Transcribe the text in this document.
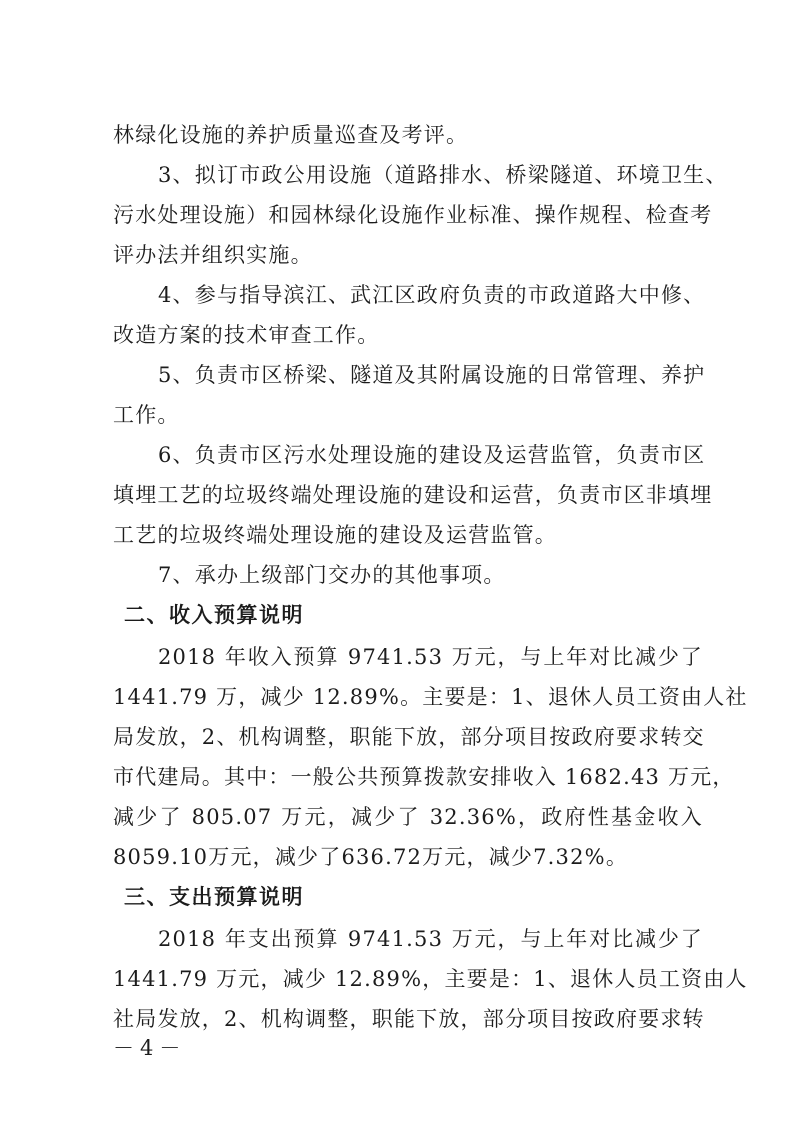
林绿化设施的养护质量巡查及考评。
3、拟订市政公用设施（道路排水、桥梁隧道、环境卫生、
污水处理设施）和园林绿化设施作业标准、操作规程、检查考
评办法并组织实施。
4、参与指导滨江、武江区政府负责的市政道路大中修、
改造方案的技术审查工作。
5、负责市区桥梁、隧道及其附属设施的日常管理、养护
工作。
6、负责市区污水处理设施的建设及运营监管，负责市区
填埋工艺的垃圾终端处理设施的建设和运营，负责市区非填埋
工艺的垃圾终端处理设施的建设及运营监管。
7、承办上级部门交办的其他事项。
二、收入预算说明
2018 年收入预算 9741.53 万元，与上年对比减少了
1441.79 万，减少 12.89%。主要是：1、退休人员工资由人社
局发放，2、机构调整，职能下放，部分项目按政府要求转交
市代建局。其中：一般公共预算拨款安排收入 1682.43 万元，
减少了 805.07 万元，减少了 32.36%，政府性基金收入
8059.10万元，减少了636.72万元，减少7.32%。
三、支出预算说明
2018 年支出预算 9741.53 万元，与上年对比减少了
1441.79 万元，减少 12.89%，主要是：1、退休人员工资由人
社局发放，2、机构调整，职能下放，部分项目按政府要求转
－4－
